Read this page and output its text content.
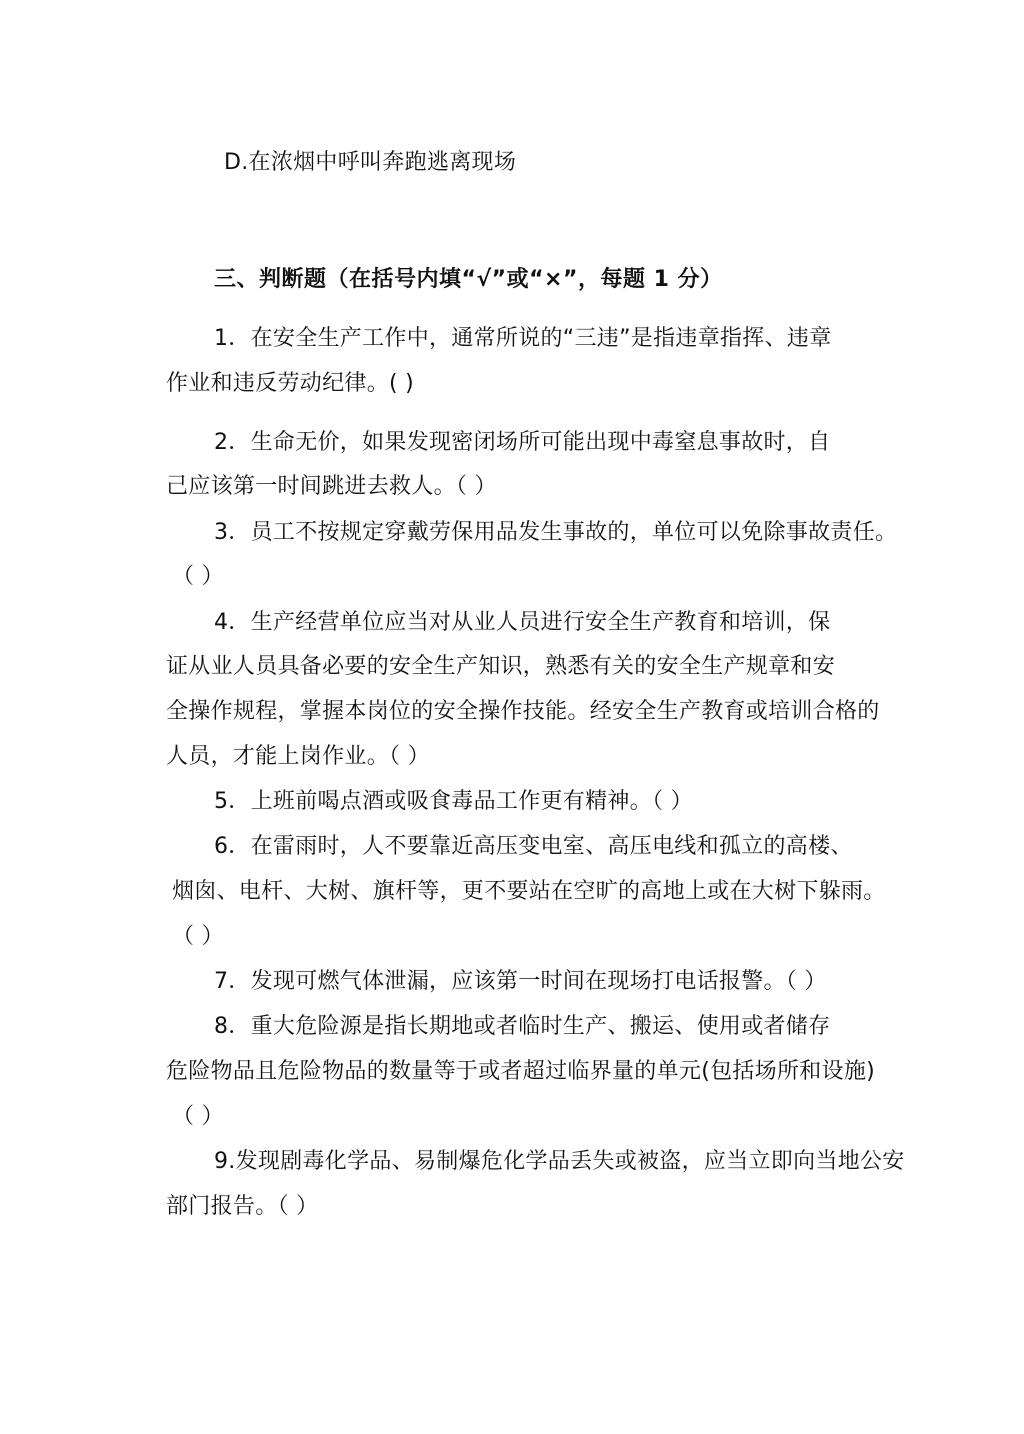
D.在浓烟中呼叫奔跑逃离现场
三、判断题（在括号内填“√”或“×”，每题 1 分）
1．在安全生产工作中，通常所说的“三违”是指违章指挥、违章
作业和违反劳动纪律。( )
2．生命无价，如果发现密闭场所可能出现中毒窒息事故时，自
己应该第一时间跳进去救人。（ ）
3．员工不按规定穿戴劳保用品发生事故的，单位可以免除事故责任。
（ ）
4．生产经营单位应当对从业人员进行安全生产教育和培训，保
证从业人员具备必要的安全生产知识，熟悉有关的安全生产规章和安
全操作规程，掌握本岗位的安全操作技能。经安全生产教育或培训合格的
人员，才能上岗作业。（ ）
5．上班前喝点酒或吸食毒品工作更有精神。（ ）
6．在雷雨时，人不要靠近高压变电室、高压电线和孤立的高楼、
烟囱、电杆、大树、旗杆等，更不要站在空旷的高地上或在大树下躲雨。
（ ）
7．发现可燃气体泄漏，应该第一时间在现场打电话报警。（ ）
8．重大危险源是指长期地或者临时生产、搬运、使用或者储存
危险物品且危险物品的数量等于或者超过临界量的单元(包括场所和设施)
（ ）
9.发现剧毒化学品、易制爆危化学品丢失或被盗，应当立即向当地公安
部门报告。（ ）
